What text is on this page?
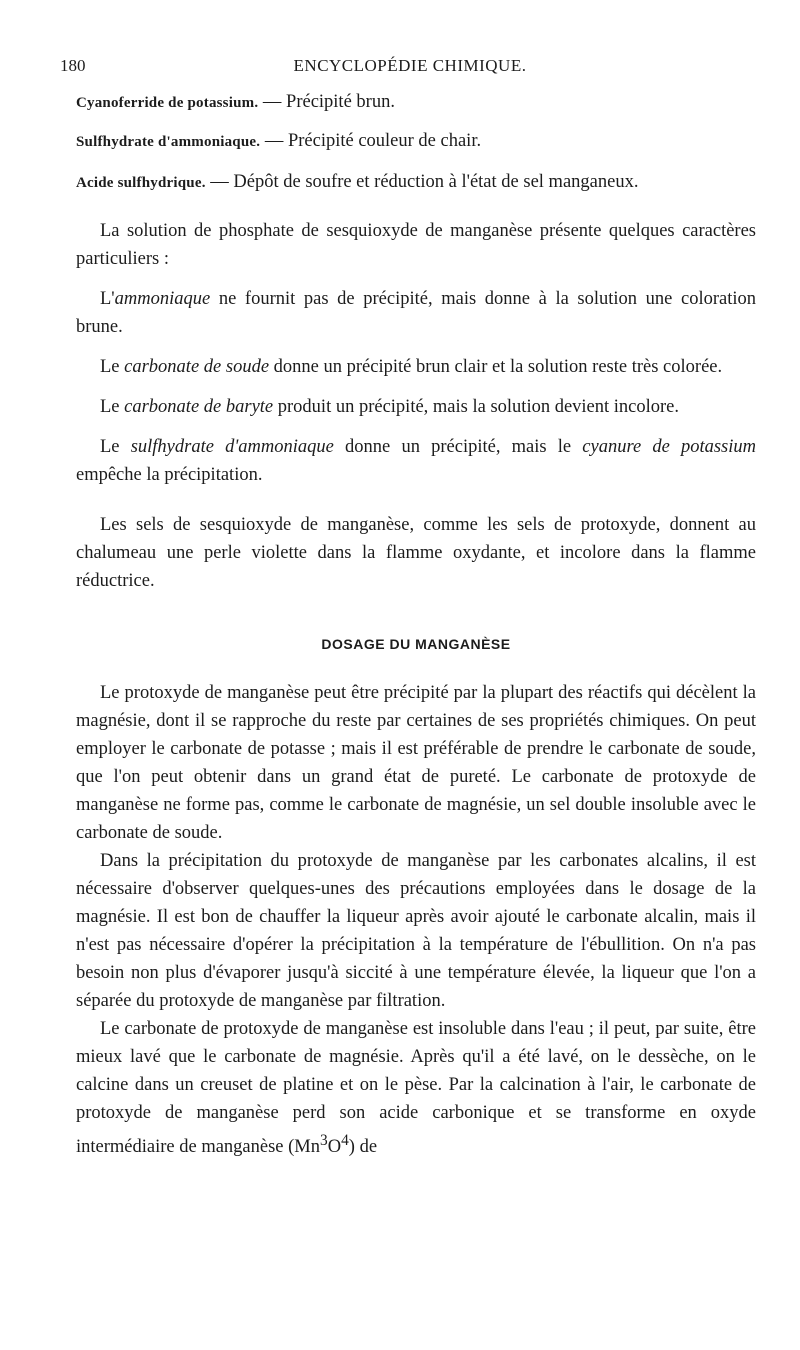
180	ENCYCLOPÉDIE CHIMIQUE.

Cyanoferride de potassium. — Précipité brun.

Sulfhydrate d'ammoniaque. — Précipité couleur de chair.

Acide sulfhydrique. — Dépôt de soufre et réduction à l'état de sel manganeux.

La solution de phosphate de sesquioxyde de manganèse présente quelques caractères particuliers :

L'ammoniaque ne fournit pas de précipité, mais donne à la solution une coloration brune.

Le carbonate de soude donne un précipité brun clair et la solution reste très colorée.

Le carbonate de baryte produit un précipité, mais la solution devient incolore.

Le sulfhydrate d'ammoniaque donne un précipité, mais le cyanure de potassium empêche la précipitation.

Les sels de sesquioxyde de manganèse, comme les sels de protoxyde, donnent au chalumeau une perle violette dans la flamme oxydante, et incolore dans la flamme réductrice.

DOSAGE DU MANGANÈSE

Le protoxyde de manganèse peut être précipité par la plupart des réactifs qui décèlent la magnésie, dont il se rapproche du reste par certaines de ses propriétés chimiques. On peut employer le carbonate de potasse ; mais il est préférable de prendre le carbonate de soude, que l'on peut obtenir dans un grand état de pureté. Le carbonate de protoxyde de manganèse ne forme pas, comme le carbonate de magnésie, un sel double insoluble avec le carbonate de soude.

Dans la précipitation du protoxyde de manganèse par les carbonates alcalins, il est nécessaire d'observer quelques-unes des précautions employées dans le dosage de la magnésie. Il est bon de chauffer la liqueur après avoir ajouté le carbonate alcalin, mais il n'est pas nécessaire d'opérer la précipitation à la température de l'ébullition. On n'a pas besoin non plus d'évaporer jusqu'à siccité à une température élevée, la liqueur que l'on a séparée du protoxyde de manganèse par filtration.

Le carbonate de protoxyde de manganèse est insoluble dans l'eau ; il peut, par suite, être mieux lavé que le carbonate de magnésie. Après qu'il a été lavé, on le dessèche, on le calcine dans un creuset de platine et on le pèse. Par la calcination à l'air, le carbonate de protoxyde de manganèse perd son acide carbonique et se transforme en oxyde intermédiaire de manganèse $(Mn^3O^4)$ de
